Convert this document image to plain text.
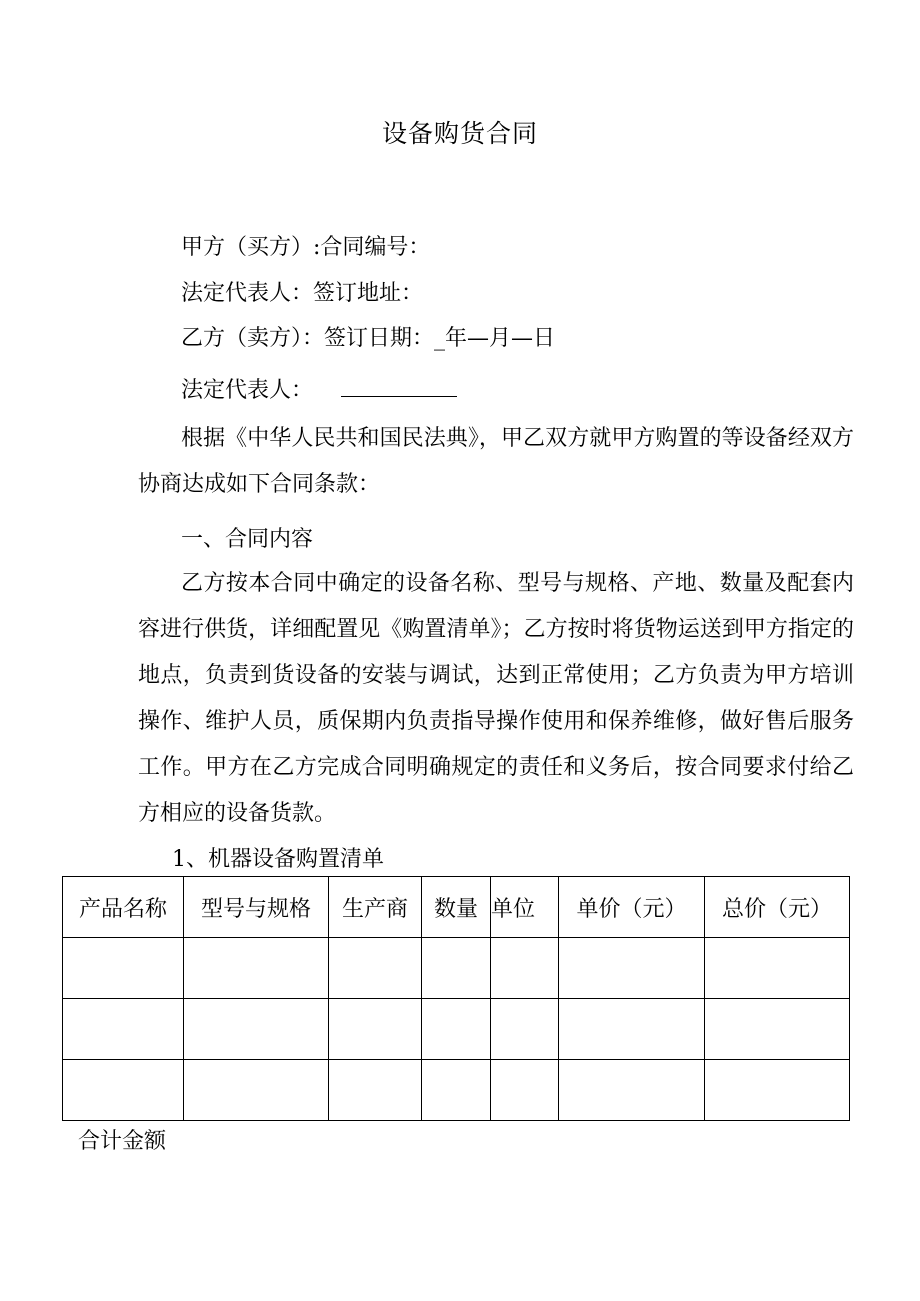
设备购货合同
甲方（买方）:合同编号：
法定代表人：签订地址：
乙方（卖方）：签订日期：_年—月—日
法定代表人：
根据《中华人民共和国民法典》，甲乙双方就甲方购置的等设备经双方协商达成如下合同条款：
一、合同内容
乙方按本合同中确定的设备名称、型号与规格、产地、数量及配套内容进行供货，详细配置见《购置清单》；乙方按时将货物运送到甲方指定的地点，负责到货设备的安装与调试，达到正常使用；乙方负责为甲方培训操作、维护人员，质保期内负责指导操作使用和保养维修，做好售后服务工作。甲方在乙方完成合同明确规定的责任和义务后，按合同要求付给乙方相应的设备货款。
1、机器设备购置清单
产品名称	型号与规格	生产商	数量	单位	单价（元）	总价（元）

合计金额
